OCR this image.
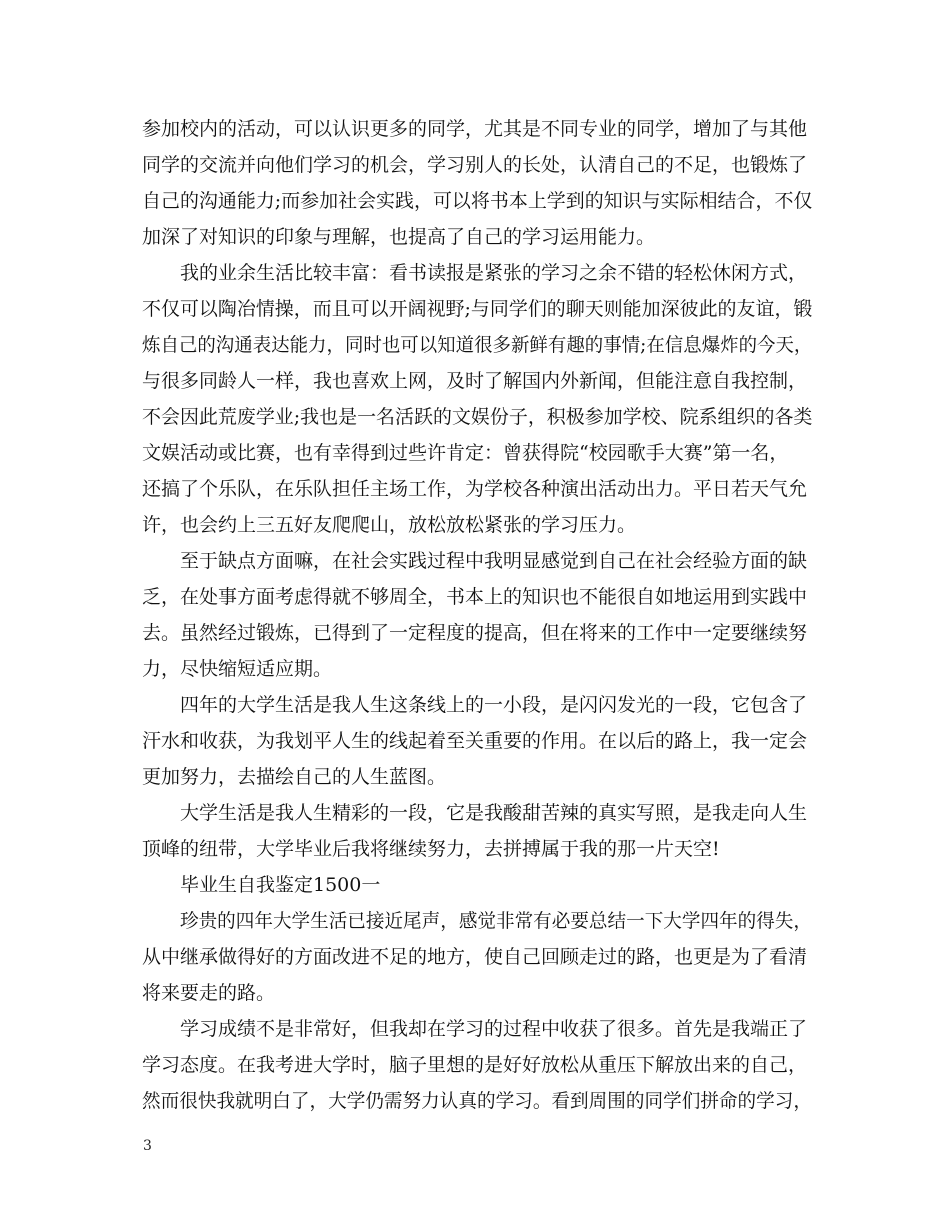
参加校内的活动，可以认识更多的同学，尤其是不同专业的同学，增加了与其他
同学的交流并向他们学习的机会，学习别人的长处，认清自己的不足，也锻炼了
自己的沟通能力;而参加社会实践，可以将书本上学到的知识与实际相结合，不仅
加深了对知识的印象与理解，也提高了自己的学习运用能力。
我的业余生活比较丰富：看书读报是紧张的学习之余不错的轻松休闲方式，
不仅可以陶冶情操，而且可以开阔视野;与同学们的聊天则能加深彼此的友谊，锻
炼自己的沟通表达能力，同时也可以知道很多新鲜有趣的事情;在信息爆炸的今天，
与很多同龄人一样，我也喜欢上网，及时了解国内外新闻，但能注意自我控制，
不会因此荒废学业;我也是一名活跃的文娱份子，积极参加学校、院系组织的各类
文娱活动或比赛，也有幸得到过些许肯定：曾获得院“校园歌手大赛”第一名，
还搞了个乐队，在乐队担任主场工作，为学校各种演出活动出力。平日若天气允
许，也会约上三五好友爬爬山，放松放松紧张的学习压力。
至于缺点方面嘛，在社会实践过程中我明显感觉到自己在社会经验方面的缺
乏，在处事方面考虑得就不够周全，书本上的知识也不能很自如地运用到实践中
去。虽然经过锻炼，已得到了一定程度的提高，但在将来的工作中一定要继续努
力，尽快缩短适应期。
四年的大学生活是我人生这条线上的一小段，是闪闪发光的一段，它包含了
汗水和收获，为我划平人生的线起着至关重要的作用。在以后的路上，我一定会
更加努力，去描绘自己的人生蓝图。
大学生活是我人生精彩的一段，它是我酸甜苦辣的真实写照，是我走向人生
顶峰的纽带，大学毕业后我将继续努力，去拼搏属于我的那一片天空!
毕业生自我鉴定1500一
珍贵的四年大学生活已接近尾声，感觉非常有必要总结一下大学四年的得失，
从中继承做得好的方面改进不足的地方，使自己回顾走过的路，也更是为了看清
将来要走的路。
学习成绩不是非常好，但我却在学习的过程中收获了很多。首先是我端正了
学习态度。在我考进大学时，脑子里想的是好好放松从重压下解放出来的自己，
然而很快我就明白了，大学仍需努力认真的学习。看到周围的同学们拼命的学习，
3
